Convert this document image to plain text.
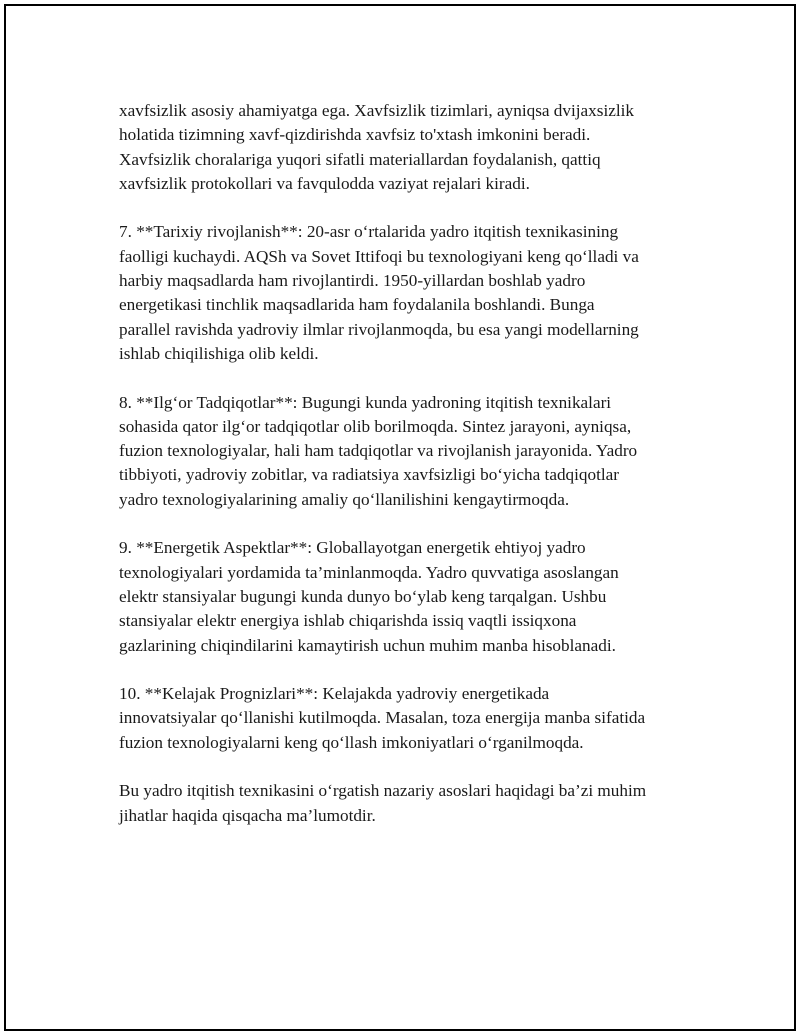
xavfsizlik asosiy ahamiyatga ega. Xavfsizlik tizimlari, ayniqsa dvijaxsizlik
holatida tizimning xavf-qizdirishda xavfsiz to'xtash imkonini beradi.
Xavfsizlik choralariga yuqori sifatli materiallardan foydalanish, qattiq
xavfsizlik protokollari va favqulodda vaziyat rejalari kiradi.

7. **Tarixiy rivojlanish**: 20-asr o‘rtalarida yadro itqitish texnikasining
faolligi kuchaydi. AQSh va Sovet Ittifoqi bu texnologiyani keng qo‘lladi va
harbiy maqsadlarda ham rivojlantirdi. 1950-yillardan boshlab yadro
energetikasi tinchlik maqsadlarida ham foydalanila boshlandi. Bunga
parallel ravishda yadroviy ilmlar rivojlanmoqda, bu esa yangi modellarning
ishlab chiqilishiga olib keldi.

8. **Ilg‘or Tadqiqotlar**: Bugungi kunda yadroning itqitish texnikalari
sohasida qator ilg‘or tadqiqotlar olib borilmoqda. Sintez jarayoni, ayniqsa,
fuzion texnologiyalar, hali ham tadqiqotlar va rivojlanish jarayonida. Yadro
tibbiyoti, yadroviy zobitlar, va radiatsiya xavfsizligi bo‘yicha tadqiqotlar
yadro texnologiyalarining amaliy qo‘llanilishini kengaytirmoqda.

9. **Energetik Aspektlar**: Globallayotgan energetik ehtiyoj yadro
texnologiyalari yordamida ta’minlanmoqda. Yadro quvvatiga asoslangan
elektr stansiyalar bugungi kunda dunyo bo‘ylab keng tarqalgan. Ushbu
stansiyalar elektr energiya ishlab chiqarishda issiq vaqtli issiqxona
gazlarining chiqindilarini kamaytirish uchun muhim manba hisoblanadi.

10. **Kelajak Prognizlari**: Kelajakda yadroviy energetikada
innovatsiyalar qo‘llanishi kutilmoqda. Masalan, toza energija manba sifatida
fuzion texnologiyalarni keng qo‘llash imkoniyatlari o‘rganilmoqda.

Bu yadro itqitish texnikasini o‘rgatish nazariy asoslari haqidagi ba’zi muhim
jihatlar haqida qisqacha ma’lumotdir.
